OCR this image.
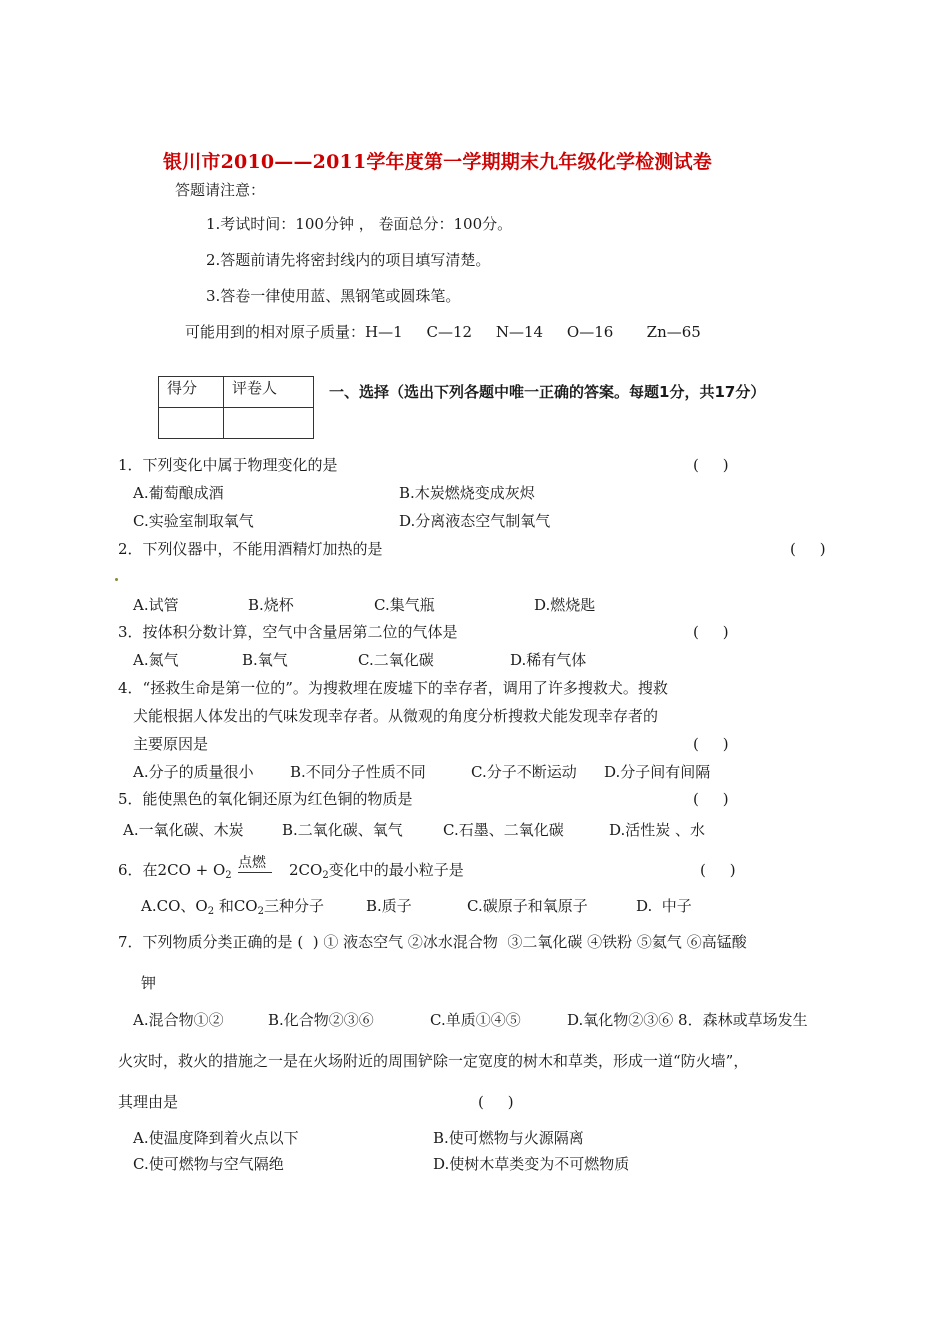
银川市2010——2011学年度第一学期期末九年级化学检测试卷
答题请注意：
1.考试时间：100分钟 ， 卷面总分：100分。
2.答题前请先将密封线内的项目填写清楚。
3.答卷一律使用蓝、黑钢笔或圆珠笔。
可能用到的相对原子质量：H—1     C—12     N—14     O—16       Zn—65
得分	评卷人
		一、选择（选出下列各题中唯一正确的答案。每题1分，共17分）
1．下列变化中属于物理变化的是	(     )
A.葡萄酿成酒	B.木炭燃烧变成灰烬
C.实验室制取氧气	D.分离液态空气制氧气
2．下列仪器中，不能用酒精灯加热的是	(     )
A.试管	B.烧杯	C.集气瓶	D.燃烧匙
3．按体积分数计算，空气中含量居第二位的气体是	(     )
A.氮气	B.氧气	C.二氧化碳	D.稀有气体
4．“拯救生命是第一位的”。为搜救埋在废墟下的幸存者，调用了许多搜救犬。搜救
犬能根据人体发出的气味发现幸存者。从微观的角度分析搜救犬能发现幸存者的
主要原因是	(     )
A.分子的质量很小 B.不同分子性质不同	C.分子不断运动 D.分子间有间隔
5．能使黑色的氧化铜还原为红色铜的物质是	(     )
A.一氧化碳、木炭	B.二氧化碳、氧气	C.石墨、二氧化碳	D.活性炭 、水
6．在$2CO + O_2$
点燃 $2CO_2$变化中的最小粒子是	(     )
A.CO、$O_2$ 和$CO_2$三种分子	B.质子	C.碳原子和氧原子	D.  中子
7．下列物质分类正确的是 (  ) ① 液态空气 ②冰水混合物  ③二氧化碳 ④铁粉 ⑤氦气 ⑥高锰酸
钾
A.混合物①②	B.化合物②③⑥	C.单质①④⑤	D.氧化物②③⑥ 8．森林或草场发生
火灾时，救火的措施之一是在火场附近的周围铲除一定宽度的树木和草类，形成一道“防火墙”，
其理由是	(     )
A.使温度降到着火点以下	B.使可燃物与火源隔离
C.使可燃物与空气隔绝	D.使树木草类变为不可燃物质
